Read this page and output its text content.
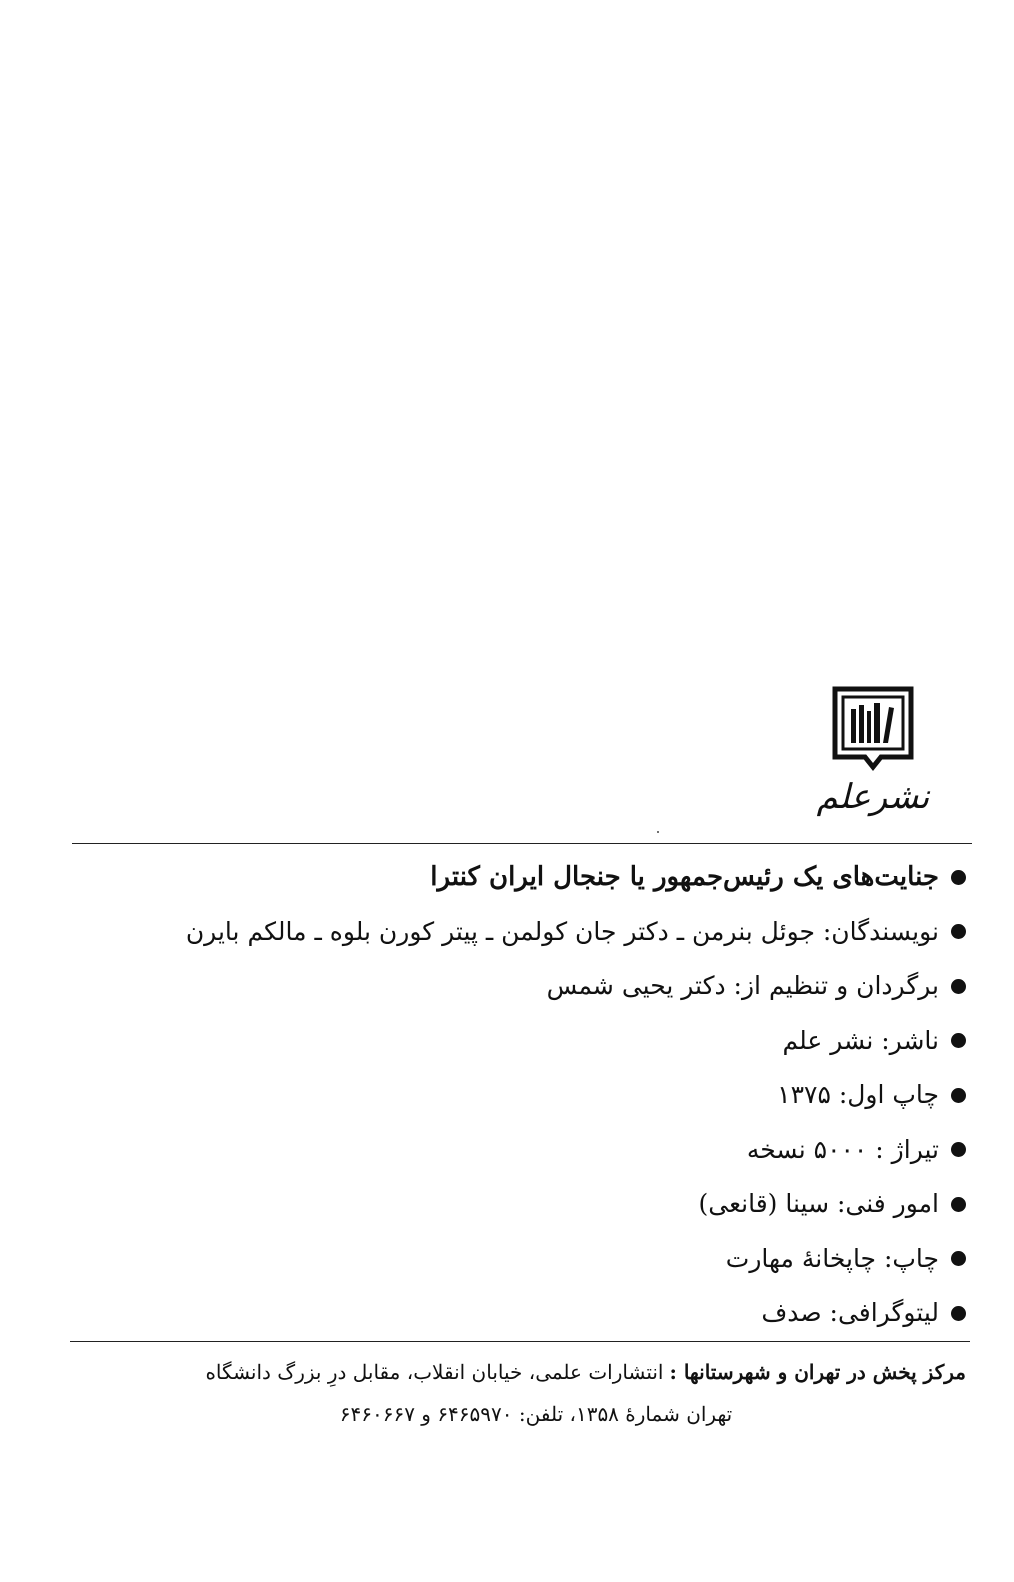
نشرعلم
جنایت‌های یک رئیس‌جمهور یا جنجال ایران کنترا
نویسندگان: جوئل بنرمن ـ دکتر جان کولمن ـ پیتر کورن بلوه ـ مالکم بایرن
برگردان و تنظیم از: دکتر یحیی شمس
ناشر: نشر علم
چاپ اول: ۱۳۷۵
تیراژ : ۵۰۰۰ نسخه
امور فنی: سینا (قانعی)
چاپ: چاپخانهٔ مهارت
لیتوگرافی: صدف
مرکز پخش در تهران و شهرستانها :
انتشارات علمی، خیابان انقلاب، مقابل درِ بزرگ دانشگاه
تهران شمارهٔ ۱۳۵۸، تلفن: ۶۴۶۵۹۷۰ و ۶۴۶۰۶۶۷
